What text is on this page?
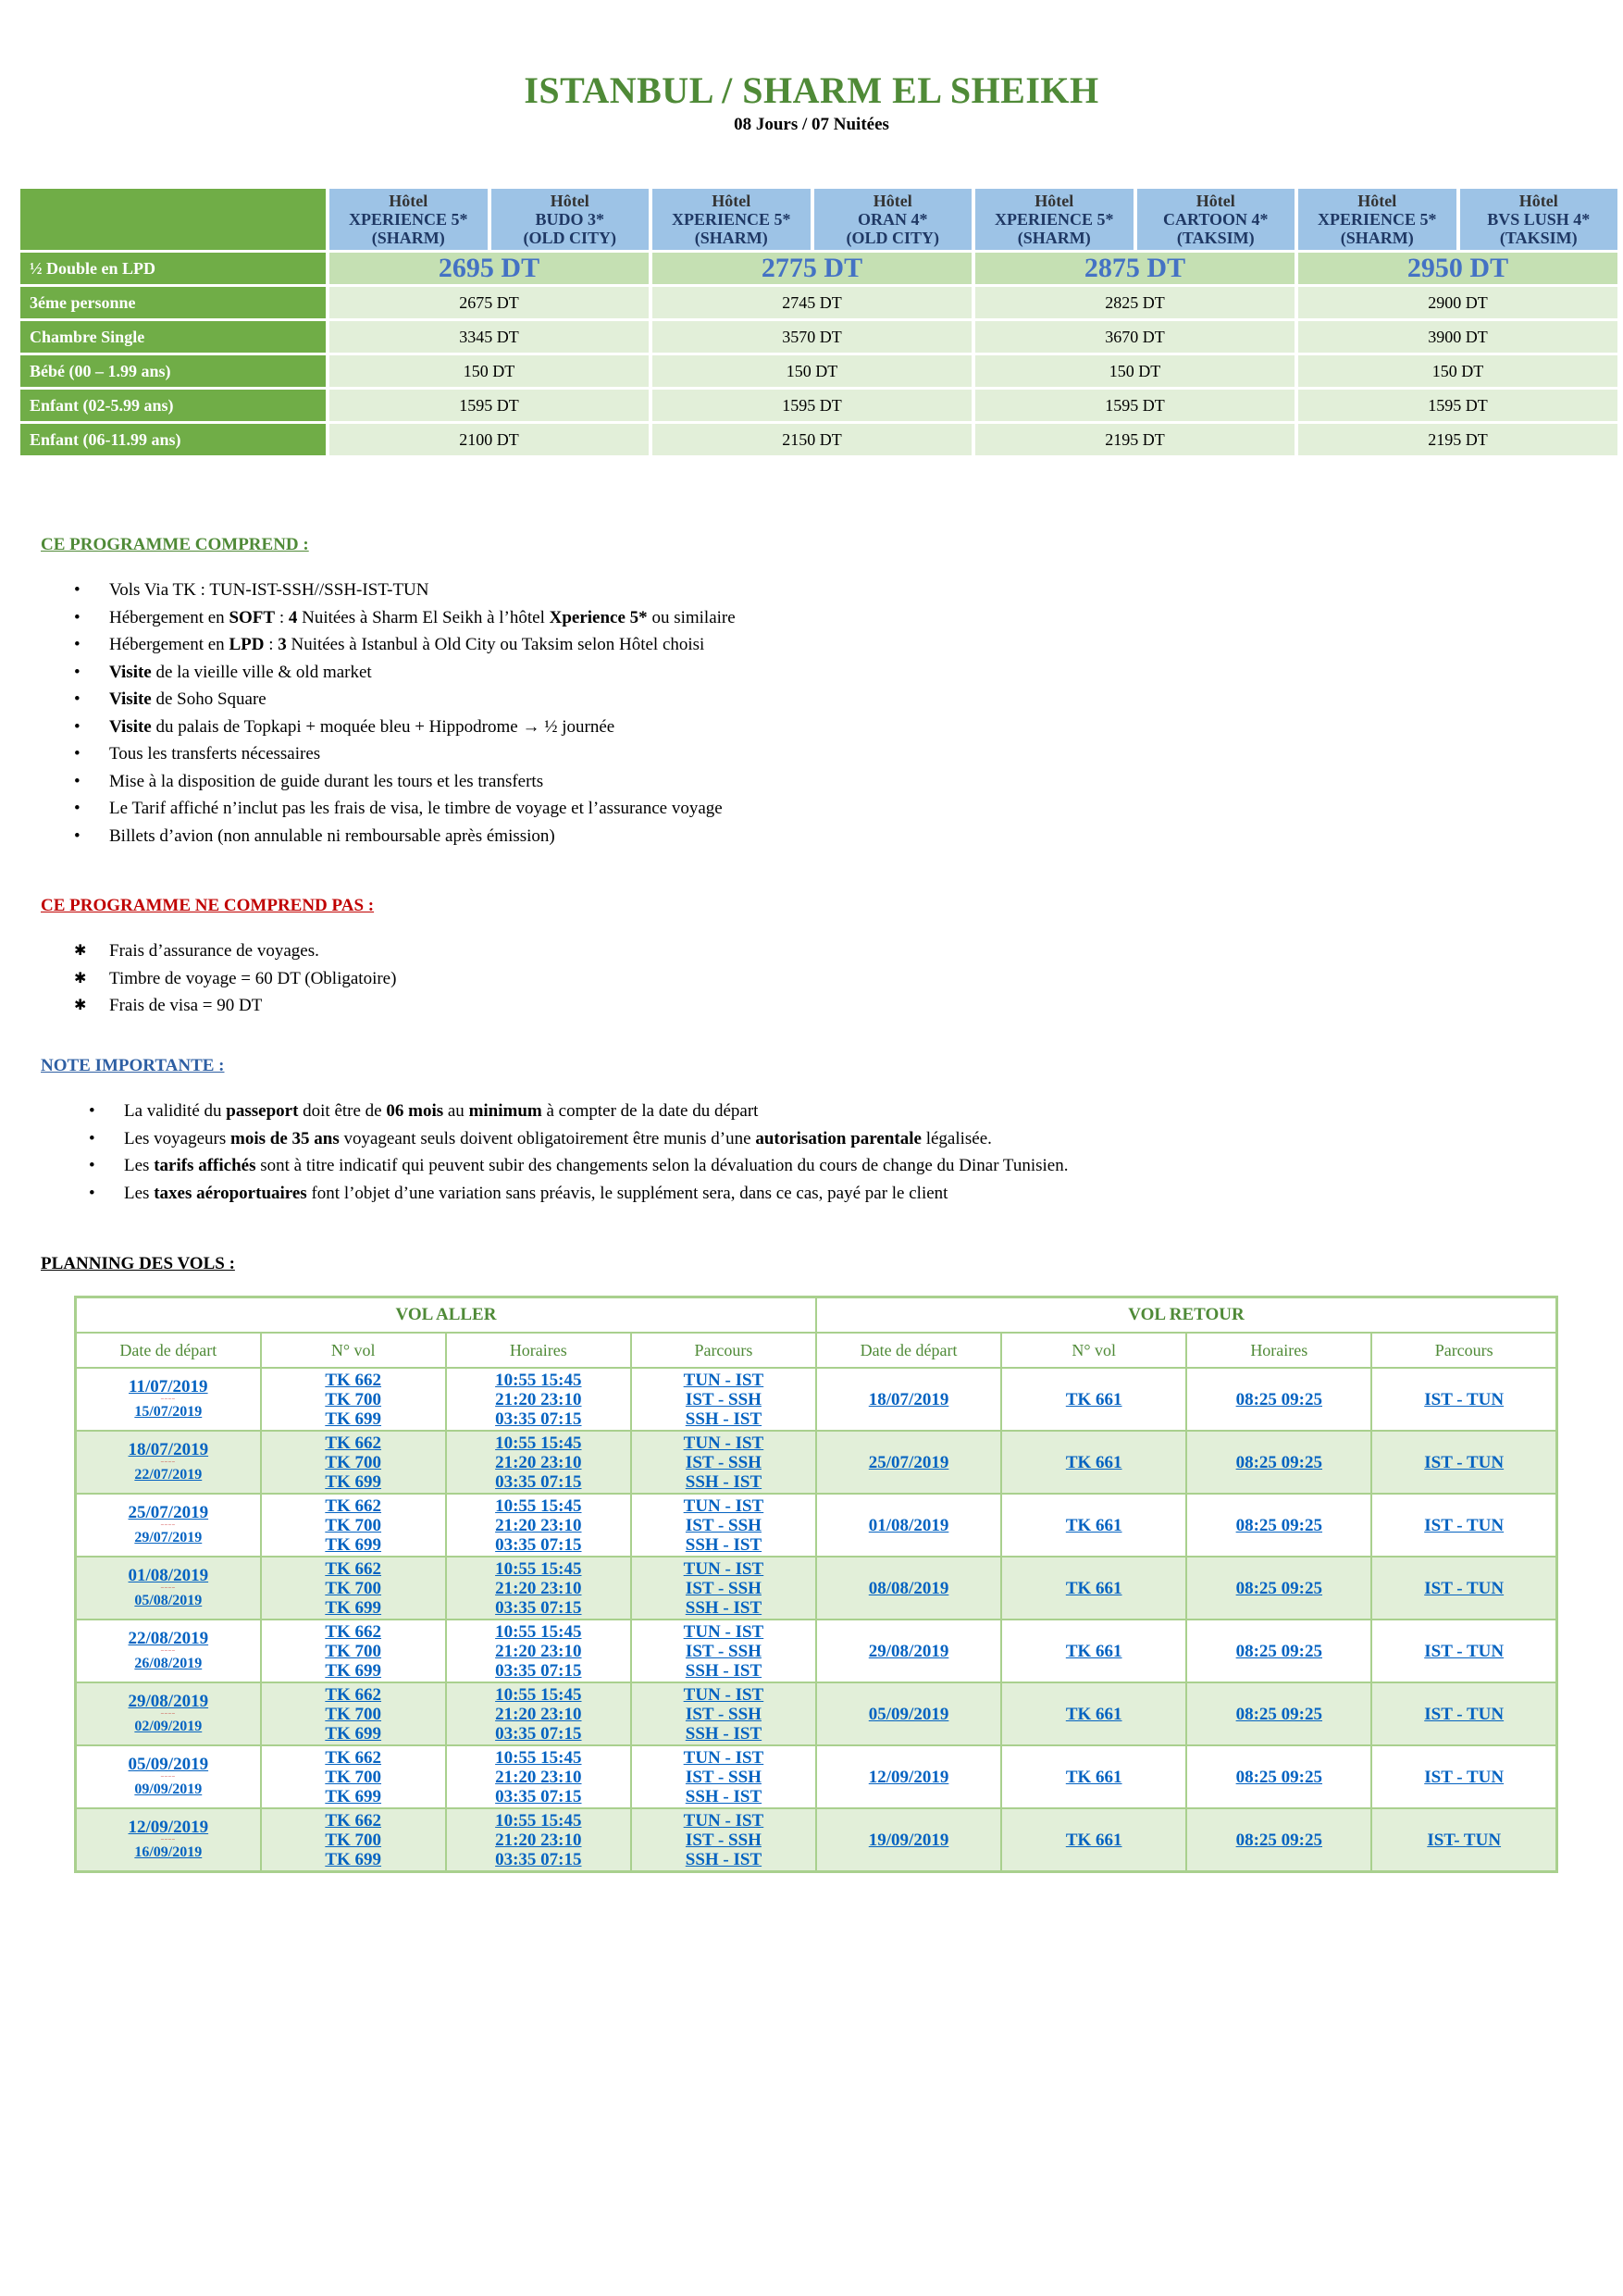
ISTANBUL / SHARM EL SHEIKH
08 Jours / 07 Nuitées

	Hôtel
XPERIENCE 5*
(SHARM)	Hôtel
BUDO 3*
(OLD CITY)	Hôtel
XPERIENCE 5*
(SHARM)	Hôtel
ORAN 4*
(OLD CITY)	Hôtel
XPERIENCE 5*
(SHARM)	Hôtel
CARTOON 4*
(TAKSIM)	Hôtel
XPERIENCE 5*
(SHARM)	Hôtel
BVS LUSH 4*
(TAKSIM)

½ Double en LPD	2695 DT		2775 DT		2875 DT		2950 DT	
3éme personne	2675 DT		2745 DT		2825 DT		2900 DT	
Chambre Single	3345 DT		3570 DT		3670 DT		3900 DT	
Bébé (00 – 1.99 ans)	150 DT		150 DT		150 DT		150 DT	
Enfant (02-5.99 ans)	1595 DT		1595 DT		1595 DT		1595 DT	
Enfant (06-11.99 ans)	2100 DT		2150 DT		2195 DT		2195 DT	
CE PROGRAMME COMPREND :
• Vols Via TK : TUN-IST-SSH//SSH-IST-TUN
• Hébergement en SOFT : 4 Nuitées à Sharm El Seikh à l’hôtel Xperience 5* ou similaire
• Hébergement en LPD : 3 Nuitées à Istanbul à Old City ou Taksim selon Hôtel choisi
• Visite de la vieille ville & old market
• Visite de Soho Square
• Visite du palais de Topkapi + moquée bleu + Hippodrome → ½ journée
• Tous les transferts nécessaires
• Mise à la disposition de guide durant les tours et les transferts
• Le Tarif affiché n’inclut pas les frais de visa, le timbre de voyage et l’assurance voyage
• Billets d’avion (non annulable ni remboursable après émission)
CE PROGRAMME NE COMPREND PAS :
✱ Frais d’assurance de voyages.
✱ Timbre de voyage = 60 DT (Obligatoire)
✱ Frais de visa = 90 DT
NOTE IMPORTANTE :
• La validité du passeport doit être de 06 mois au minimum à compter de la date du départ
• Les voyageurs mois de 35 ans voyageant seuls doivent obligatoirement être munis d’une autorisation parentale légalisée.
• Les tarifs affichés sont à titre indicatif qui peuvent subir des changements selon la dévaluation du cours de change du Dinar Tunisien.
• Les taxes aéroportuaires font l’objet d’une variation sans préavis, le supplément sera, dans ce cas, payé par le client
PLANNING DES VOLS :
VOL ALLER				VOL RETOUR			
Date de départ	N° vol	Horaires	Parcours	Date de départ	N° vol	Horaires	Parcours

11/07/2019
‒‒‒‒
15/07/2019	TK 662
TK 700
TK 699	10:55 15:45
21:20 23:10
03:35 07:15	TUN - IST
IST - SSH
SSH - IST	18/07/2019	TK 661	08:25 09:25	IST - TUN

18/07/2019
‒‒‒‒
22/07/2019	TK 662
TK 700
TK 699	10:55 15:45
21:20 23:10
03:35 07:15	TUN - IST
IST - SSH
SSH - IST	25/07/2019	TK 661	08:25 09:25	IST - TUN

25/07/2019
‒‒‒‒
29/07/2019	TK 662
TK 700
TK 699	10:55 15:45
21:20 23:10
03:35 07:15	TUN - IST
IST - SSH
SSH - IST	01/08/2019	TK 661	08:25 09:25	IST - TUN

01/08/2019
‒‒‒‒
05/08/2019	TK 662
TK 700
TK 699	10:55 15:45
21:20 23:10
03:35 07:15	TUN - IST
IST - SSH
SSH - IST	08/08/2019	TK 661	08:25 09:25	IST - TUN

22/08/2019
‒‒‒‒
26/08/2019	TK 662
TK 700
TK 699	10:55 15:45
21:20 23:10
03:35 07:15	TUN - IST
IST - SSH
SSH - IST	29/08/2019	TK 661	08:25 09:25	IST - TUN

29/08/2019
‒‒‒‒
02/09/2019	TK 662
TK 700
TK 699	10:55 15:45
21:20 23:10
03:35 07:15	TUN - IST
IST - SSH
SSH - IST	05/09/2019	TK 661	08:25 09:25	IST - TUN

05/09/2019
‒‒‒‒
09/09/2019	TK 662
TK 700
TK 699	10:55 15:45
21:20 23:10
03:35 07:15	TUN - IST
IST - SSH
SSH - IST	12/09/2019	TK 661	08:25 09:25	IST - TUN

12/09/2019
‒‒‒‒
16/09/2019	TK 662
TK 700
TK 699	10:55 15:45
21:20 23:10
03:35 07:15	TUN - IST
IST - SSH
SSH - IST	19/09/2019	TK 661	08:25 09:25	IST- TUN
